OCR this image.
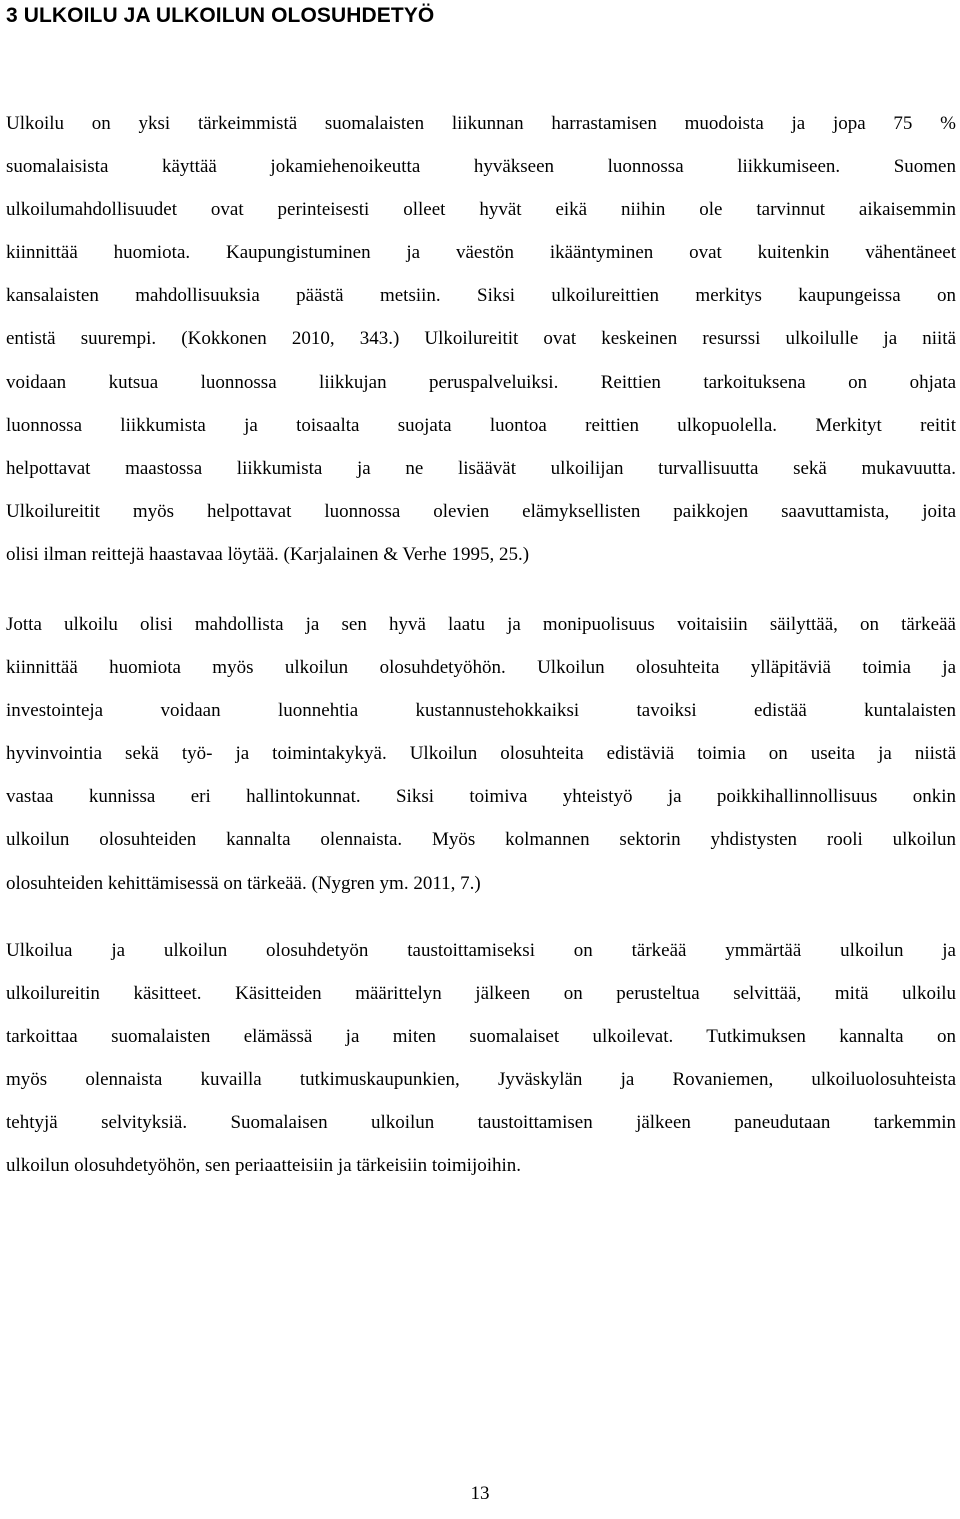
3 ULKOILU JA ULKOILUN OLOSUHDETYÖ

Ulkoilu on yksi tärkeimmistä suomalaisten liikunnan harrastamisen muodoista ja jopa 75 %
suomalaisista käyttää jokamiehenoikeutta hyväkseen luonnossa liikkumiseen. Suomen
ulkoilumahdollisuudet ovat perinteisesti olleet hyvät eikä niihin ole tarvinnut aikaisemmin
kiinnittää huomiota. Kaupungistuminen ja väestön ikääntyminen ovat kuitenkin vähentäneet
kansalaisten mahdollisuuksia päästä metsiin. Siksi ulkoilureittien merkitys kaupungeissa on
entistä suurempi. (Kokkonen 2010, 343.) Ulkoilureitit ovat keskeinen resurssi ulkoilulle ja niitä
voidaan kutsua luonnossa liikkujan peruspalveluiksi. Reittien tarkoituksena on ohjata
luonnossa liikkumista ja toisaalta suojata luontoa reittien ulkopuolella. Merkityt reitit
helpottavat maastossa liikkumista ja ne lisäävät ulkoilijan turvallisuutta sekä mukavuutta.
Ulkoilureitit myös helpottavat luonnossa olevien elämyksellisten paikkojen saavuttamista, joita
olisi ilman reittejä haastavaa löytää. (Karjalainen & Verhe 1995, 25.)

Jotta ulkoilu olisi mahdollista ja sen hyvä laatu ja monipuolisuus voitaisiin säilyttää, on tärkeää
kiinnittää huomiota myös ulkoilun olosuhdetyöhön. Ulkoilun olosuhteita ylläpitäviä toimia ja
investointeja voidaan luonnehtia kustannustehokkaiksi tavoiksi edistää kuntalaisten
hyvinvointia sekä työ- ja toimintakykyä. Ulkoilun olosuhteita edistäviä toimia on useita ja niistä
vastaa kunnissa eri hallintokunnat. Siksi toimiva yhteistyö ja poikkihallinnollisuus onkin
ulkoilun olosuhteiden kannalta olennaista. Myös kolmannen sektorin yhdistysten rooli ulkoilun
olosuhteiden kehittämisessä on tärkeää. (Nygren ym. 2011, 7.)

Ulkoilua ja ulkoilun olosuhdetyön taustoittamiseksi on tärkeää ymmärtää ulkoilun ja
ulkoilureitin käsitteet. Käsitteiden määrittelyn jälkeen on perusteltua selvittää, mitä ulkoilu
tarkoittaa suomalaisten elämässä ja miten suomalaiset ulkoilevat. Tutkimuksen kannalta on
myös olennaista kuvailla tutkimuskaupunkien, Jyväskylän ja Rovaniemen, ulkoiluolosuhteista
tehtyjä selvityksiä. Suomalaisen ulkoilun taustoittamisen jälkeen paneudutaan tarkemmin
ulkoilun olosuhdetyöhön, sen periaatteisiin ja tärkeisiin toimijoihin.

13
